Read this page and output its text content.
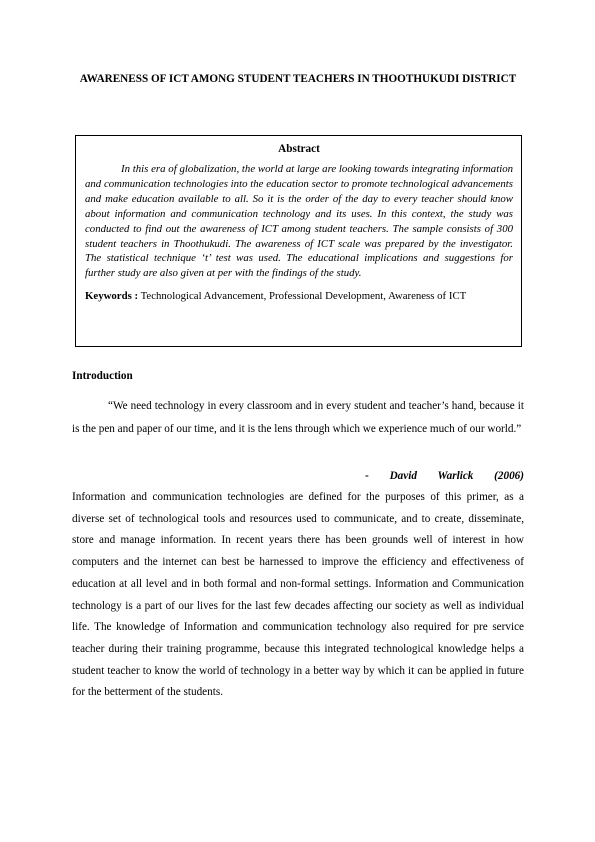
AWARENESS OF ICT AMONG STUDENT TEACHERS IN THOOTHUKUDI DISTRICT
Abstract

In this era of globalization, the world at large are looking towards integrating information and communication technologies into the education sector to promote technological advancements and make education available to all. So it is the order of the day to every teacher should know about information and communication technology and its uses. In this context, the study was conducted to find out the awareness of ICT among student teachers. The sample consists of 300 student teachers in Thoothukudi. The awareness of ICT scale was prepared by the investigator. The statistical technique ‘t’ test was used. The educational implications and suggestions for further study are also given at per with the findings of the study.

Keywords : Technological Advancement, Professional Development, Awareness of ICT

Introduction

“We need technology in every classroom and in every student and teacher’s hand, because it is the pen and paper of our time, and it is the lens through which we experience much of our world.”

- David Warlick (2006)

Information and communication technologies are defined for the purposes of this primer, as a diverse set of technological tools and resources used to communicate, and to create, disseminate, store and manage information. In recent years there has been grounds well of interest in how computers and the internet can best be harnessed to improve the efficiency and effectiveness of education at all level and in both formal and non-formal settings. Information and Communication technology is a part of our lives for the last few decades affecting our society as well as individual life. The knowledge of Information and communication technology also required for pre service teacher during their training programme, because this integrated technological knowledge helps a student teacher to know the world of technology in a better way by which it can be applied in future for the betterment of the students.
